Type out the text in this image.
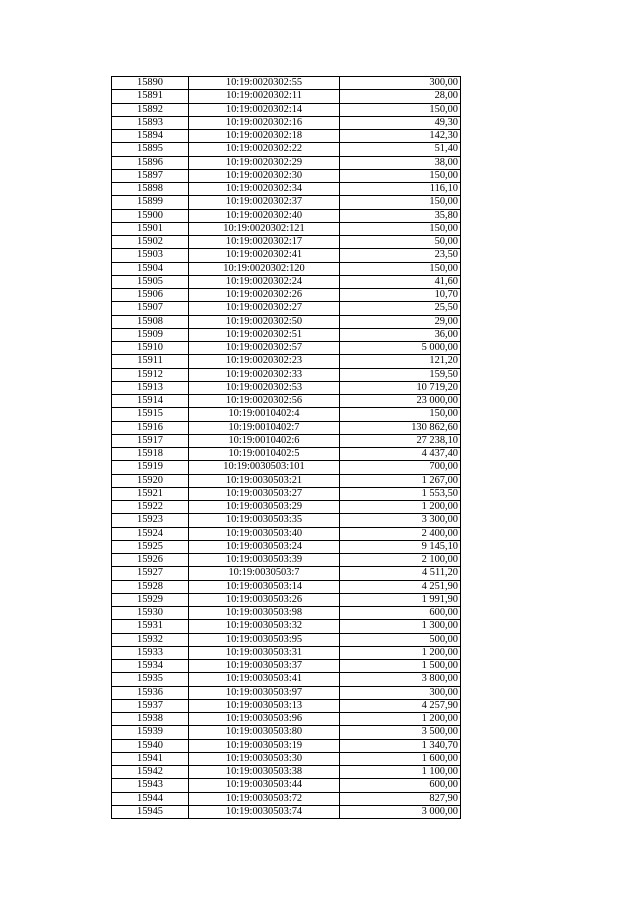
15890	10:19:0020302:55	300,00
15891	10:19:0020302:11	28,00
15892	10:19:0020302:14	150,00
15893	10:19:0020302:16	49,30
15894	10:19:0020302:18	142,30
15895	10:19:0020302:22	51,40
15896	10:19:0020302:29	38,00
15897	10:19:0020302:30	150,00
15898	10:19:0020302:34	116,10
15899	10:19:0020302:37	150,00
15900	10:19:0020302:40	35,80
15901	10:19:0020302:121	150,00
15902	10:19:0020302:17	50,00
15903	10:19:0020302:41	23,50
15904	10:19:0020302:120	150,00
15905	10:19:0020302:24	41,60
15906	10:19:0020302:26	10,70
15907	10:19:0020302:27	25,50
15908	10:19:0020302:50	29,00
15909	10:19:0020302:51	36,00
15910	10:19:0020302:57	5 000,00
15911	10:19:0020302:23	121,20
15912	10:19:0020302:33	159,50
15913	10:19:0020302:53	10 719,20
15914	10:19:0020302:56	23 000,00
15915	10:19:0010402:4	150,00
15916	10:19:0010402:7	130 862,60
15917	10:19:0010402:6	27 238,10
15918	10:19:0010402:5	4 437,40
15919	10:19:0030503:101	700,00
15920	10:19:0030503:21	1 267,00
15921	10:19:0030503:27	1 553,50
15922	10:19:0030503:29	1 200,00
15923	10:19:0030503:35	3 300,00
15924	10:19:0030503:40	2 400,00
15925	10:19:0030503:24	9 145,10
15926	10:19:0030503:39	2 100,00
15927	10:19:0030503:7	4 511,20
15928	10:19:0030503:14	4 251,90
15929	10:19:0030503:26	1 991,90
15930	10:19:0030503:98	600,00
15931	10:19:0030503:32	1 300,00
15932	10:19:0030503:95	500,00
15933	10:19:0030503:31	1 200,00
15934	10:19:0030503:37	1 500,00
15935	10:19:0030503:41	3 800,00
15936	10:19:0030503:97	300,00
15937	10:19:0030503:13	4 257,90
15938	10:19:0030503:96	1 200,00
15939	10:19:0030503:80	3 500,00
15940	10:19:0030503:19	1 340,70
15941	10:19:0030503:30	1 600,00
15942	10:19:0030503:38	1 100,00
15943	10:19:0030503:44	600,00
15944	10:19:0030503:72	827,90
15945	10:19:0030503:74	3 000,00
